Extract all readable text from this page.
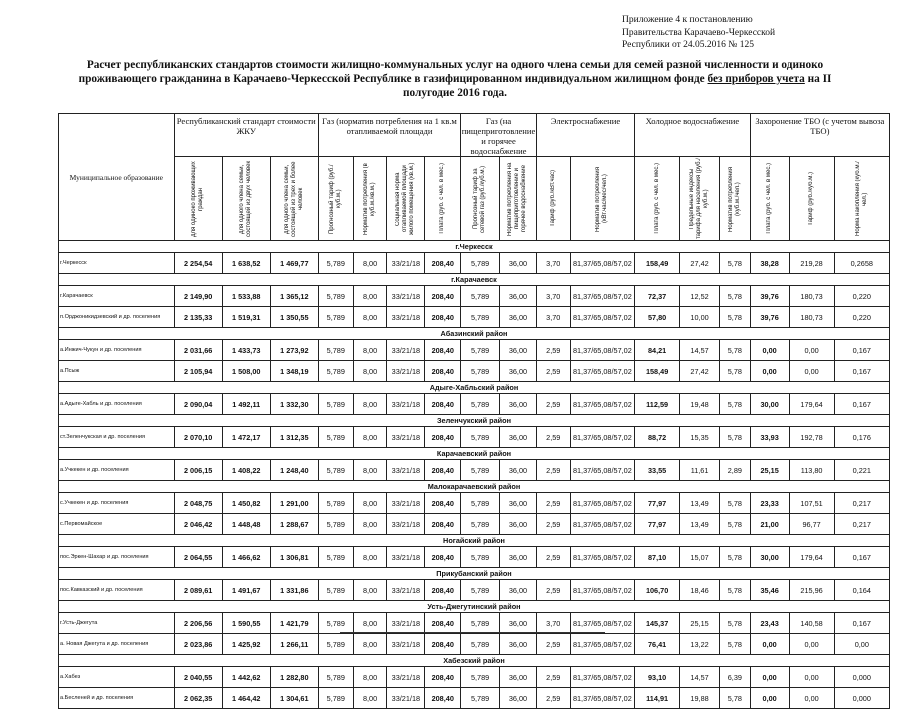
Приложение 4 к постановлению
Правительства Карачаево-Черкесской
Республики от 24.05.2016 № 125
Расчет республиканских стандартов стоимости жилищно-коммунальных услуг на одного члена семьи для семей разной численности и одиноко проживающего гражданина в Карачаево-Черкесской Республике в газифицированном индивидуальном жилищном фонде без приборов учета на II полугодие 2016 года.
Муниципальное образование	Республиканский стандарт стоимости ЖКУ			Газ (норматив потребления на 1 кв.м отапливаемой площади				Газ (на пищеприготовление и горячее водоснабжение		Электроснабжение		Холодное водоснабжение			Захоронение ТБО (с учетом вывоза ТБО)		

	для одиноко проживающих граждан	для одного члена семьи, состоящей из двух человек	для одного члена семьи, состоящей из трех и более человек	Прогнозный тариф (руб./куб.м.)	Норматив потребления (в куб.м./кв.м.)	Социальная норма отапливаемой площади жилого помещения (кв.м.)	Плата (руб. с чел. в мес.)	Прогнозный тариф за сетевой газ (руб./куб.м.)	Норматив потребления на пищеприготовление и горячее водоснабжение	Тариф (руб./кВт.час)	Норматив потребления (кВт.час/мес/чел.)	Плата (руб. с чел. в мес.)	Предельные индексы тарифа для населения (руб./куб.м.)	Норматив потребления (куб.м./чел.)	Плата (руб. с чел. в мес.)	Тариф (руб./куб.м.)	Норма накопления (куб.м./чел.)

г.Черкесск																	
г.Черкесск	2 254,54	1 638,52	1 469,77	5,789	8,00	33/21/18	208,40	5,789	36,00	3,70	81,37/65,08/57,02	158,49	27,42	5,78	38,28	219,28	0,2658
г.Карачаевск																	
г.Карачаевск	2 149,90	1 533,88	1 365,12	5,789	8,00	33/21/18	208,40	5,789	36,00	3,70	81,37/65,08/57,02	72,37	12,52	5,78	39,76	180,73	0,220
п.Орджоникидзевский и др. поселения	2 135,33	1 519,31	1 350,55	5,789	8,00	33/21/18	208,40	5,789	36,00	3,70	81,37/65,08/57,02	57,80	10,00	5,78	39,76	180,73	0,220
Абазинский район																	
а.Инжич-Чукун и др. поселения	2 031,66	1 433,73	1 273,92	5,789	8,00	33/21/18	208,40	5,789	36,00	2,59	81,37/65,08/57,02	84,21	14,57	5,78	0,00	0,00	0,167
а.Псыж	2 105,94	1 508,00	1 348,19	5,789	8,00	33/21/18	208,40	5,789	36,00	2,59	81,37/65,08/57,02	158,49	27,42	5,78	0,00	0,00	0,167
Адыге-Хабльский район																	
а.Адыге-Хабль и др. поселения	2 090,04	1 492,11	1 332,30	5,789	8,00	33/21/18	208,40	5,789	36,00	2,59	81,37/65,08/57,02	112,59	19,48	5,78	30,00	179,64	0,167
Зеленчукский район																	
ст.Зеленчукская и др. поселения	2 070,10	1 472,17	1 312,35	5,789	8,00	33/21/18	208,40	5,789	36,00	2,59	81,37/65,08/57,02	88,72	15,35	5,78	33,93	192,78	0,176
Карачаевский район																	
а.Учкекен и др. поселения	2 006,15	1 408,22	1 248,40	5,789	8,00	33/21/18	208,40	5,789	36,00	2,59	81,37/65,08/57,02	33,55	11,61	2,89	25,15	113,80	0,221
Малокарачаевский район																	
с.Учкекен и др. поселения	2 048,75	1 450,82	1 291,00	5,789	8,00	33/21/18	208,40	5,789	36,00	2,59	81,37/65,08/57,02	77,97	13,49	5,78	23,33	107,51	0,217
с.Первомайское	2 046,42	1 448,48	1 288,67	5,789	8,00	33/21/18	208,40	5,789	36,00	2,59	81,37/65,08/57,02	77,97	13,49	5,78	21,00	96,77	0,217
Ногайский район																	
пос.Эркен-Шахар и др. поселения	2 064,55	1 466,62	1 306,81	5,789	8,00	33/21/18	208,40	5,789	36,00	2,59	81,37/65,08/57,02	87,10	15,07	5,78	30,00	179,64	0,167
Прикубанский район																	
пос.Кавказский и др. поселения	2 089,61	1 491,67	1 331,86	5,789	8,00	33/21/18	208,40	5,789	36,00	2,59	81,37/65,08/57,02	106,70	18,46	5,78	35,46	215,96	0,164
Усть-Джегутинский район																	
г.Усть-Джегута	2 206,56	1 590,55	1 421,79	5,789	8,00	33/21/18	208,40	5,789	36,00	3,70	81,37/65,08/57,02	145,37	25,15	5,78	23,43	140,58	0,167
а. Новая Джегута и др. поселения	2 023,86	1 425,92	1 266,11	5,789	8,00	33/21/18	208,40	5,789	36,00	2,59	81,37/65,08/57,02	76,41	13,22	5,78	0,00	0,00	0,00
Хабезский район																	
а.Хабез	2 040,55	1 442,62	1 282,80	5,789	8,00	33/21/18	208,40	5,789	36,00	2,59	81,37/65,08/57,02	93,10	14,57	6,39	0,00	0,00	0,000
а.Бесленей и др. поселения	2 062,35	1 464,42	1 304,61	5,789	8,00	33/21/18	208,40	5,789	36,00	2,59	81,37/65,08/57,02	114,91	19,88	5,78	0,00	0,00	0,000
